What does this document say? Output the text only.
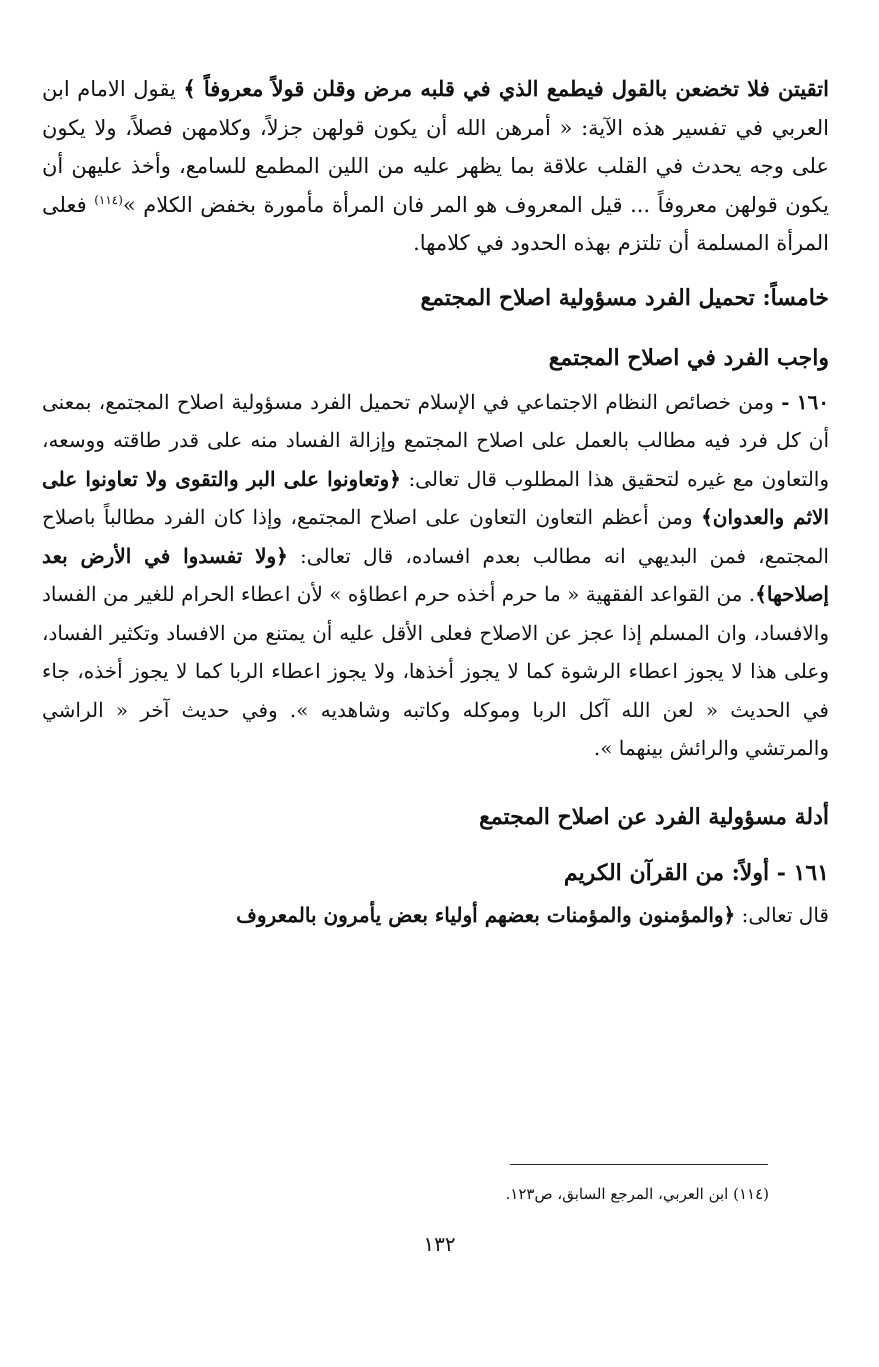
اتقيتن فلا تخضعن بالقول فيطمع الذي في قلبه مرض وقلن قولاً معروفاً ﴾ يقول الامام ابن العربي في تفسير هذه الآية: « أمرهن الله أن يكون قولهن جزلاً، وكلامهن فصلاً، ولا يكون على وجه يحدث في القلب علاقة بما يظهر عليه من اللين المطمع للسامع، وأخذ عليهن أن يكون قولهن معروفاً ... قيل المعروف هو المر فان المرأة مأمورة بخفض الكلام »$^{(١١٤)}$ فعلى المرأة المسلمة أن تلتزم بهذه الحدود في كلامها.

خامساً: تحميل الفرد مسؤولية اصلاح المجتمع
واجب الفرد في اصلاح المجتمع

١٦٠ - ومن خصائص النظام الاجتماعي في الإسلام تحميل الفرد مسؤولية اصلاح المجتمع، بمعنى أن كل فرد فيه مطالب بالعمل على اصلاح المجتمع وإزالة الفساد منه على قدر طاقته ووسعه، والتعاون مع غيره لتحقيق هذا المطلوب قال تعالى: ﴿وتعاونوا على البر والتقوى ولا تعاونوا على الاثم والعدوان﴾ ومن أعظم التعاون التعاون على اصلاح المجتمع، وإذا كان الفرد مطالباً باصلاح المجتمع، فمن البديهي انه مطالب بعدم افساده، قال تعالى: ﴿ولا تفسدوا في الأرض بعد إصلاحها﴾. من القواعد الفقهية « ما حرم أخذه حرم اعطاؤه » لأن اعطاء الحرام للغير من الفساد والافساد، وان المسلم إذا عجز عن الاصلاح فعلى الأقل عليه أن يمتنع من الافساد وتكثير الفساد، وعلى هذا لا يجوز اعطاء الرشوة كما لا يجوز أخذها، ولا يجوز اعطاء الربا كما لا يجوز أخذه، جاء في الحديث « لعن الله آكل الربا وموكله وكاتبه وشاهديه ». وفي حديث آخر « الراشي والمرتشي والرائش بينهما ».

أدلة مسؤولية الفرد عن اصلاح المجتمع
١٦١ - أولاً: من القرآن الكريم

قال تعالى: ﴿والمؤمنون والمؤمنات بعضهم أولياء بعض يأمرون بالمعروف

(١١٤) ابن العربي، المرجع السابق، ص١٢٣.
١٣٢
